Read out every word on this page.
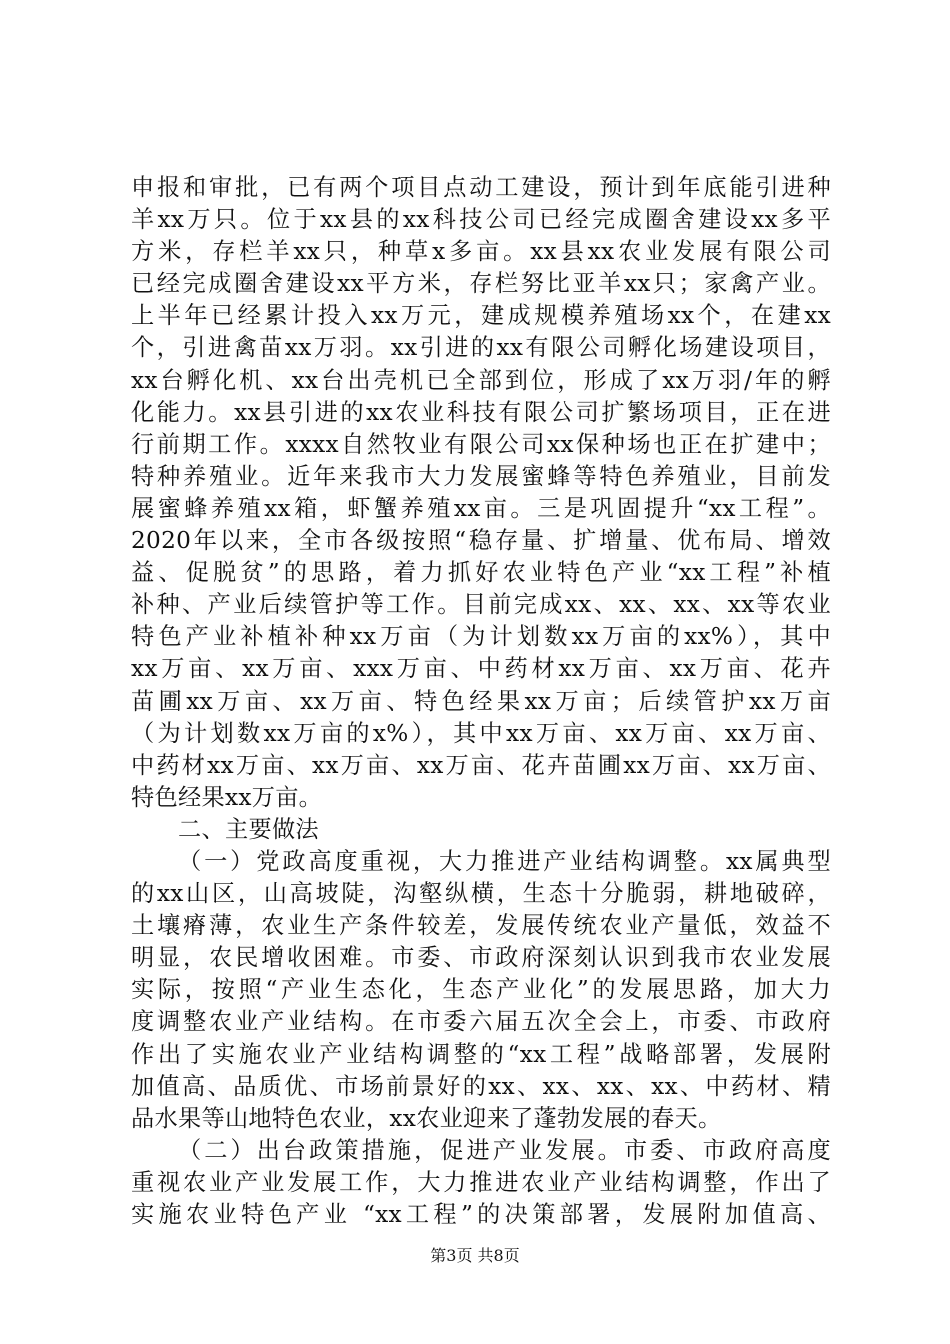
申报和审批，已有两个项目点动工建设，预计到年底能引进种
羊xx万只。位于xx县的xx科技公司已经完成圈舍建设xx多平
方米，存栏羊xx只，种草x多亩。xx县xx农业发展有限公司
已经完成圈舍建设xx平方米，存栏努比亚羊xx只；家禽产业。
上半年已经累计投入xx万元，建成规模养殖场xx个，在建xx
个，引进禽苗xx万羽。xx引进的xx有限公司孵化场建设项目，
xx台孵化机、xx台出壳机已全部到位，形成了xx万羽/年的孵
化能力。xx县引进的xx农业科技有限公司扩繁场项目，正在进
行前期工作。xxxx自然牧业有限公司xx保种场也正在扩建中；
特种养殖业。近年来我市大力发展蜜蜂等特色养殖业，目前发
展蜜蜂养殖xx箱，虾蟹养殖xx亩。三是巩固提升“xx工程”。
2020年以来，全市各级按照“稳存量、扩增量、优布局、增效
益、促脱贫”的思路，着力抓好农业特色产业“xx工程”补植
补种、产业后续管护等工作。目前完成xx、xx、xx、xx等农业
特色产业补植补种xx万亩（为计划数xx万亩的xx%），其中
xx万亩、xx万亩、xxx万亩、中药材xx万亩、xx万亩、花卉
苗圃xx万亩、xx万亩、特色经果xx万亩；后续管护xx万亩
（为计划数xx万亩的x%），其中xx万亩、xx万亩、xx万亩、
中药材xx万亩、xx万亩、xx万亩、花卉苗圃xx万亩、xx万亩、
特色经果xx万亩。
二、主要做法
（一）党政高度重视，大力推进产业结构调整。xx属典型
的xx山区，山高坡陡，沟壑纵横，生态十分脆弱，耕地破碎，
土壤瘠薄，农业生产条件较差，发展传统农业产量低，效益不
明显，农民增收困难。市委、市政府深刻认识到我市农业发展
实际，按照“产业生态化，生态产业化”的发展思路，加大力
度调整农业产业结构。在市委六届五次全会上，市委、市政府
作出了实施农业产业结构调整的“xx工程”战略部署，发展附
加值高、品质优、市场前景好的xx、xx、xx、xx、中药材、精
品水果等山地特色农业，xx农业迎来了蓬勃发展的春天。
（二）出台政策措施，促进产业发展。市委、市政府高度
重视农业产业发展工作，大力推进农业产业结构调整，作出了
实施农业特色产业 “xx工程”的决策部署，发展附加值高、
第3页 共8页
